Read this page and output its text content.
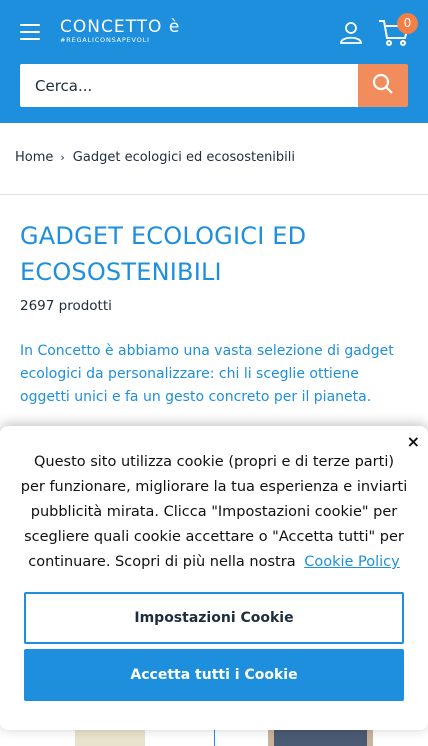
CONCETTO è
#REGALICONSAPEVOLI
0
Cerca...
Home › Gadget ecologici ed ecosostenibili
GADGET ECOLOGICI ED ECOSOSTENIBILI
2697 prodotti

In Concetto è abbiamo una vasta selezione di gadget ecologici da personalizzare: chi li sceglie ottiene oggetti unici e fa un gesto concreto per il pianeta.

×
Questo sito utilizza cookie (propri e di terze parti) per funzionare, migliorare la tua esperienza e inviarti pubblicità mirata. Clicca "Impostazioni cookie" per scegliere quali cookie accettare o "Accetta tutti" per continuare. Scopri di più nella nostra Cookie Policy
Impostazioni Cookie
Accetta tutti i Cookie
